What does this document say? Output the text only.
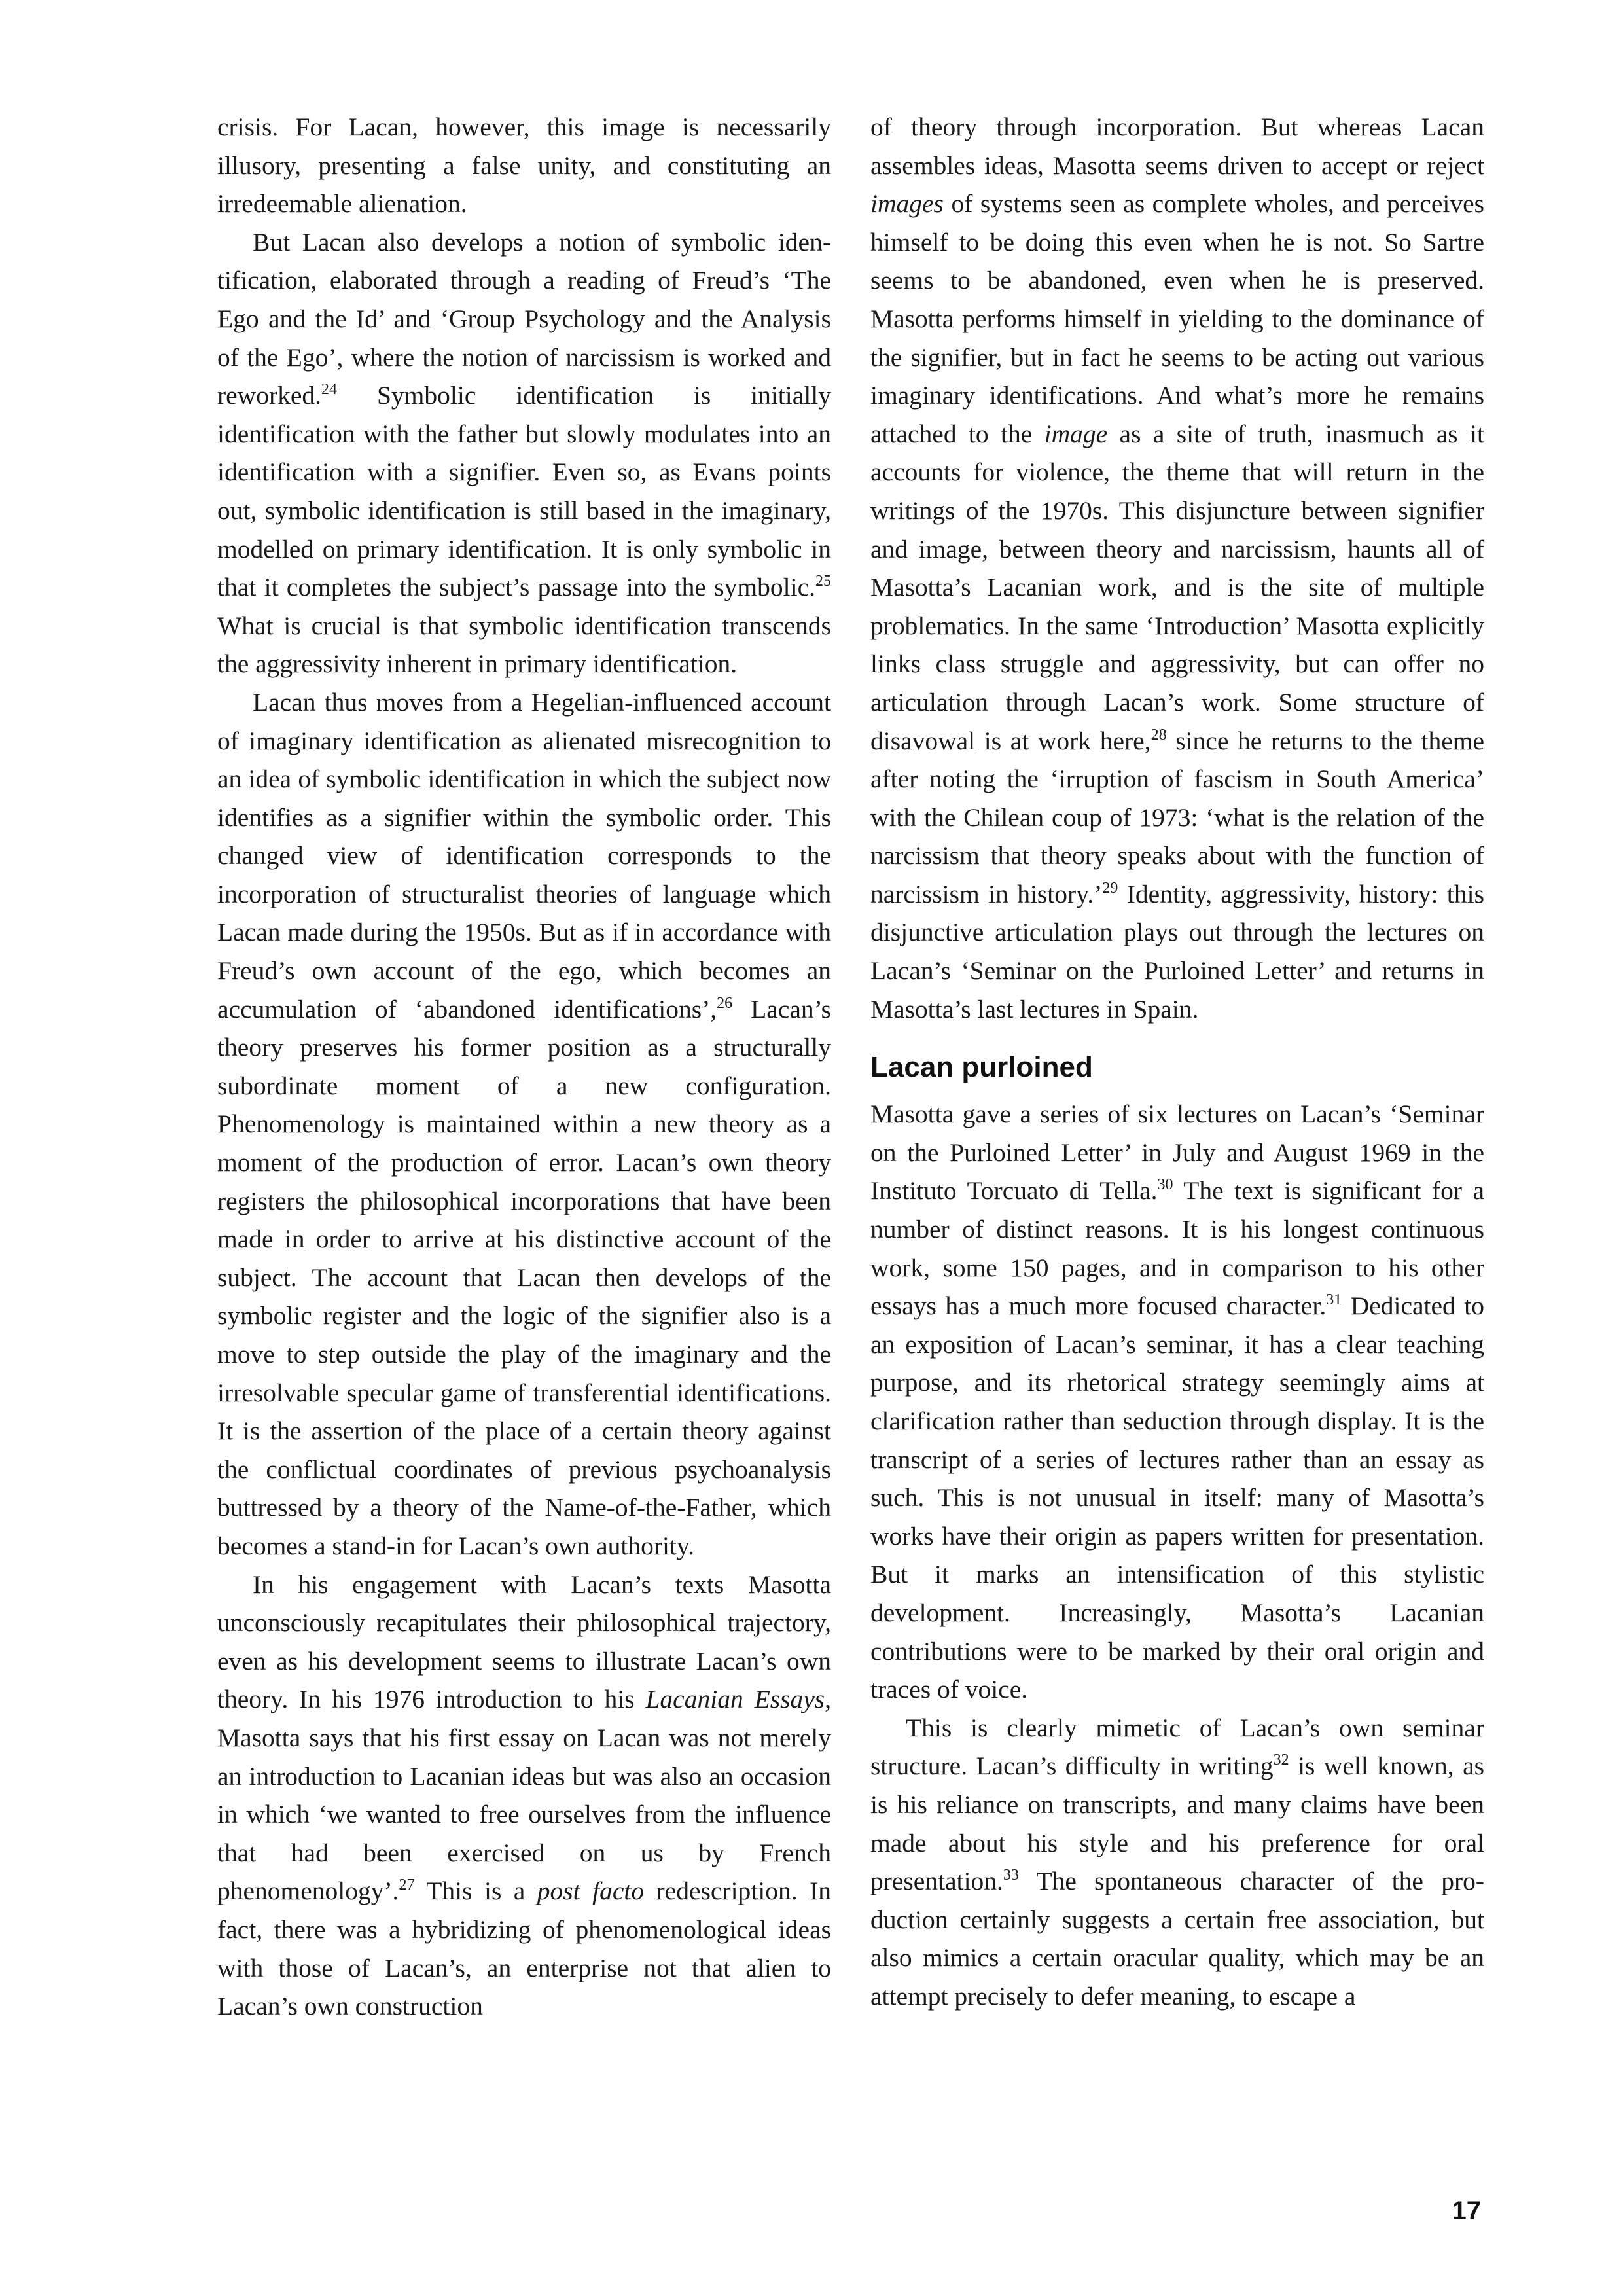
crisis. For Lacan, however, this image is necessarily illusory, presenting a false unity, and constituting an irredeemable alienation.

But Lacan also develops a notion of symbolic identification, elaborated through a reading of Freud’s ‘The Ego and the Id’ and ‘Group Psychology and the Analysis of the Ego’, where the notion of narcissism is worked and reworked.$^{24}$ Symbolic identification is initially identification with the father but slowly modulates into an identification with a signifier. Even so, as Evans points out, symbolic identification is still based in the imaginary, modelled on primary identification. It is only symbolic in that it completes the subject’s passage into the symbolic.$^{25}$ What is crucial is that symbolic identification transcends the aggressivity inherent in primary identification.

Lacan thus moves from a Hegelian-influenced account of imaginary identification as alienated misrecognition to an idea of symbolic identification in which the subject now identifies as a signifier within the symbolic order. This changed view of identification corresponds to the incorporation of structuralist theories of language which Lacan made during the 1950s. But as if in accordance with Freud’s own account of the ego, which becomes an accumulation of ‘abandoned identifications’,$^{26}$ Lacan’s theory preserves his former position as a structurally subordinate moment of a new configuration. Phenomenology is maintained within a new theory as a moment of the production of error. Lacan’s own theory registers the philosophical incorporations that have been made in order to arrive at his distinctive account of the subject. The account that Lacan then develops of the symbolic register and the logic of the signifier also is a move to step outside the play of the imaginary and the irresolvable specular game of transferential identifications. It is the assertion of the place of a certain theory against the conflictual coordinates of previous psychoanalysis buttressed by a theory of the Name-of-the-Father, which becomes a stand-in for Lacan’s own authority.

In his engagement with Lacan’s texts Masotta unconsciously recapitulates their philosophical trajectory, even as his development seems to illustrate Lacan’s own theory. In his 1976 introduction to his Lacanian Essays, Masotta says that his first essay on Lacan was not merely an introduction to Lacanian ideas but was also an occasion in which ‘we wanted to free ourselves from the influence that had been exercised on us by French phenomenology’.$^{27}$ This is a post facto redescription. In fact, there was a hybridizing of phenomenological ideas with those of Lacan’s, an enterprise not that alien to Lacan’s own construction

of theory through incorporation. But whereas Lacan assembles ideas, Masotta seems driven to accept or reject images of systems seen as complete wholes, and perceives himself to be doing this even when he is not. So Sartre seems to be abandoned, even when he is preserved. Masotta performs himself in yielding to the dominance of the signifier, but in fact he seems to be acting out various imaginary identifications. And what’s more he remains attached to the image as a site of truth, inasmuch as it accounts for violence, the theme that will return in the writings of the 1970s. This disjuncture between signifier and image, between theory and narcissism, haunts all of Masotta’s Lacanian work, and is the site of multiple problematics. In the same ‘Introduction’ Masotta explicitly links class struggle and aggressivity, but can offer no articulation through Lacan’s work. Some structure of disavowal is at work here,$^{28}$ since he returns to the theme after noting the ‘irruption of fascism in South America’ with the Chilean coup of 1973: ‘what is the relation of the narcissism that theory speaks about with the function of narcissism in history.’$^{29}$ Identity, aggressivity, history: this disjunctive articulation plays out through the lectures on Lacan’s ‘Seminar on the Purloined Letter’ and returns in Masotta’s last lectures in Spain.

Lacan purloined

Masotta gave a series of six lectures on Lacan’s ‘Seminar on the Purloined Letter’ in July and August 1969 in the Instituto Torcuato di Tella.$^{30}$ The text is significant for a number of distinct reasons. It is his longest continuous work, some 150 pages, and in comparison to his other essays has a much more focused character.$^{31}$ Dedicated to an exposition of Lacan’s seminar, it has a clear teaching purpose, and its rhetorical strategy seemingly aims at clarification rather than seduction through display. It is the transcript of a series of lectures rather than an essay as such. This is not unusual in itself: many of Masotta’s works have their origin as papers written for presentation. But it marks an intensification of this stylistic development. Increasingly, Masotta’s Lacanian contributions were to be marked by their oral origin and traces of voice.

This is clearly mimetic of Lacan’s own seminar structure. Lacan’s difficulty in writing$^{32}$ is well known, as is his reliance on transcripts, and many claims have been made about his style and his preference for oral presentation.$^{33}$ The spontaneous character of the production certainly suggests a certain free association, but also mimics a certain oracular quality, which may be an attempt precisely to defer meaning, to escape a

17
